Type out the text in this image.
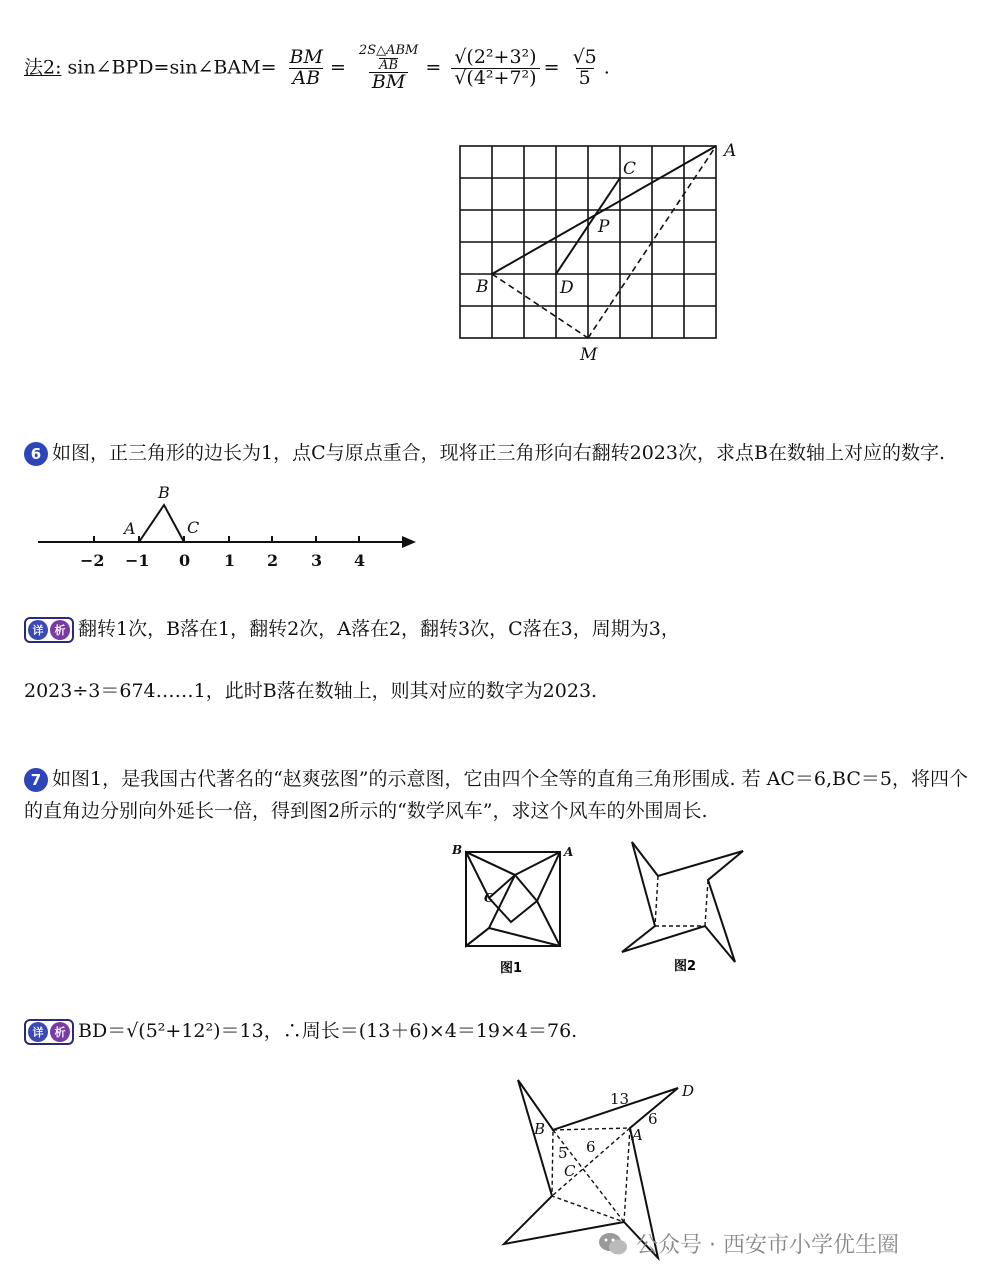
法2: sin∠BPD=sin∠BAM= $\frac{BM}{AB}$ = 2S△ABM
AB
BM = $\frac{\text{√(2²+3²)}}{\text{√(4²+7²)}} = \frac{√5}{5}$ .
A
C
P
B	D
M
6 如图，正三角形的边长为1，点C与原点重合，现将正三角形向右翻转2023次，求点B在数轴上对应的数字.
−2 −1 0 1 2 3 4
A
B
C
详	析 翻转1次，B落在1，翻转2次，A落在2，翻转3次，C落在3，周期为3，
2023÷3＝674……1，此时B落在数轴上，则其对应的数字为2023.
7 如图1，是我国古代著名的“赵爽弦图”的示意图，它由四个全等的直角三角形围成. 若 AC＝6,BC＝5，将四个
的直角边分别向外延长一倍，得到图2所示的“数学风车”，求这个风车的外围周长.
B	A
C
图1	图2
详	析 BD＝√(5²+12²)＝13，∴周长＝(13＋6)×4＝19×4＝76.
D
B
C
A
13
6
6
5
公众号 · 西安市小学优生圈
